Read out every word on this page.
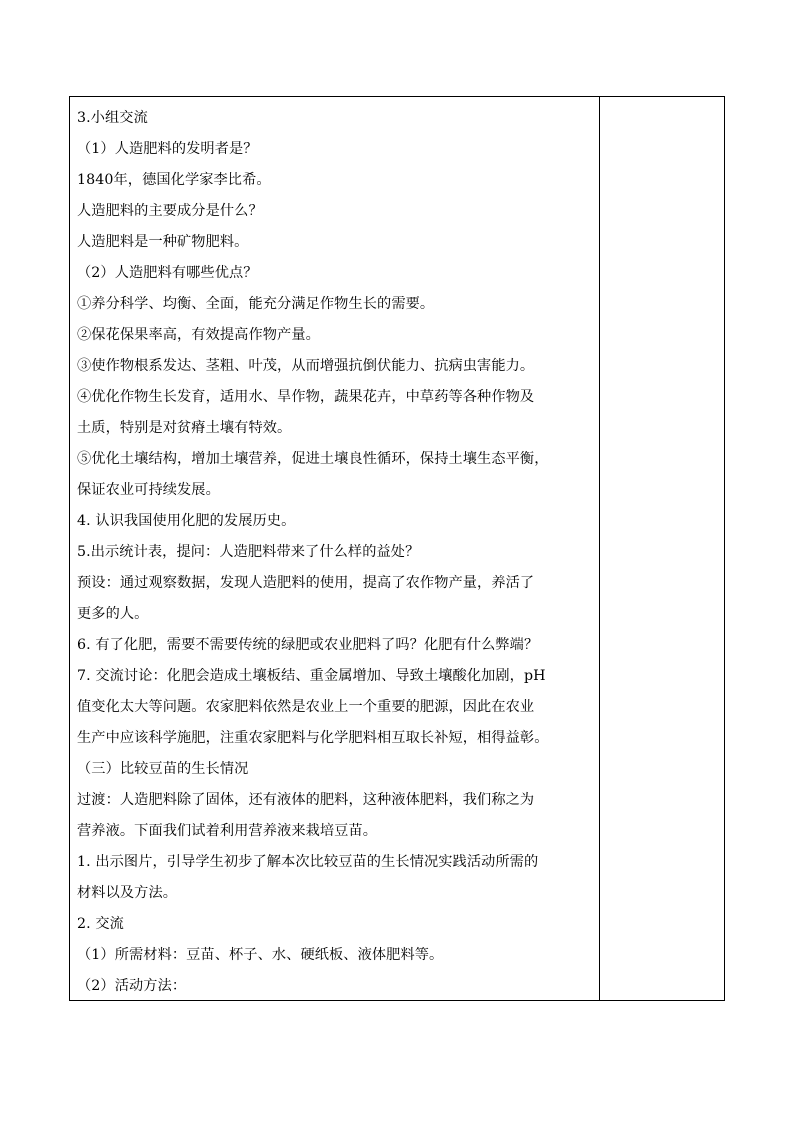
3.小组交流
（1）人造肥料的发明者是？
1840年，德国化学家李比希。
人造肥料的主要成分是什么？
人造肥料是一种矿物肥料。
（2）人造肥料有哪些优点？
①养分科学、均衡、全面，能充分满足作物生长的需要。
②保花保果率高，有效提高作物产量。
③使作物根系发达、茎粗、叶茂，从而增强抗倒伏能力、抗病虫害能力。
④优化作物生长发育，适用水、旱作物，蔬果花卉，中草药等各种作物及
土质，特别是对贫瘠土壤有特效。
⑤优化土壤结构，增加土壤营养，促进土壤良性循环，保持土壤生态平衡，
保证农业可持续发展。
4. 认识我国使用化肥的发展历史。
5.出示统计表，提问：人造肥料带来了什么样的益处？
预设：通过观察数据，发现人造肥料的使用，提高了农作物产量，养活了
更多的人。
6. 有了化肥，需要不需要传统的绿肥或农业肥料了吗？化肥有什么弊端？
7. 交流讨论：化肥会造成土壤板结、重金属增加、导致土壤酸化加剧，pH
值变化太大等问题。农家肥料依然是农业上一个重要的肥源，因此在农业
生产中应该科学施肥，注重农家肥料与化学肥料相互取长补短，相得益彰。
（三）比较豆苗的生长情况
过渡：人造肥料除了固体，还有液体的肥料，这种液体肥料，我们称之为
营养液。下面我们试着利用营养液来栽培豆苗。
1. 出示图片，引导学生初步了解本次比较豆苗的生长情况实践活动所需的
材料以及方法。
2. 交流
（1）所需材料：豆苗、杯子、水、硬纸板、液体肥料等。
（2）活动方法：
